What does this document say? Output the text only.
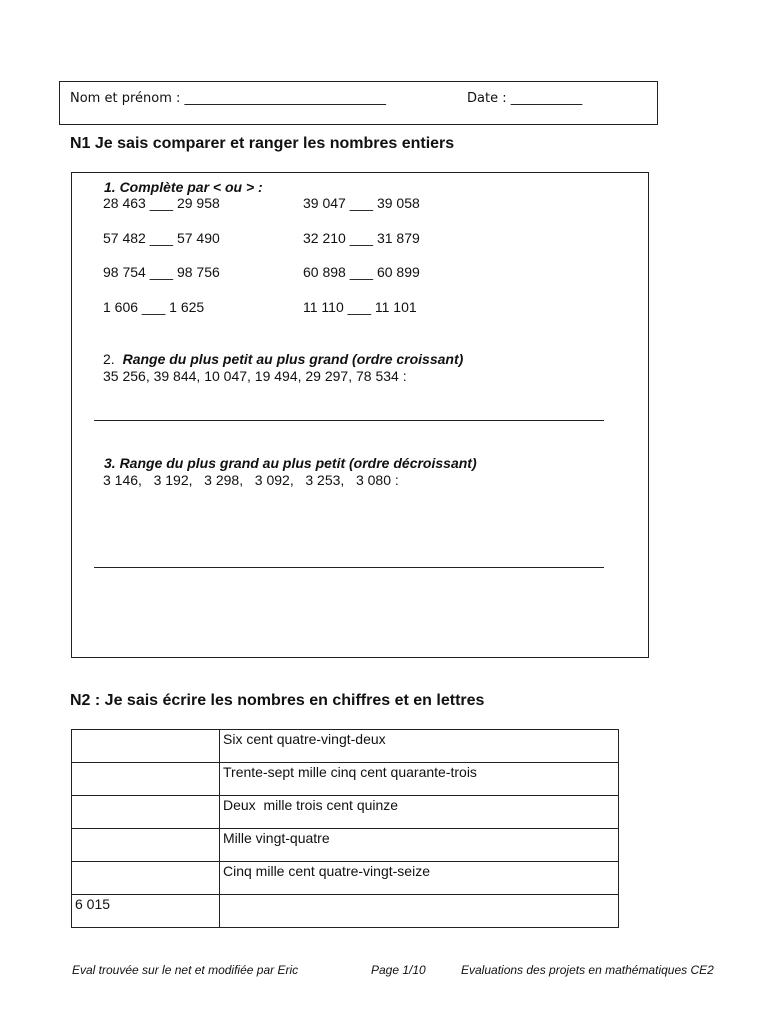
Nom et prénom : _______________________________	Date : ___________
N1 Je sais comparer et ranger les nombres entiers
1. Complète par < ou > :
28 463 ___ 29 958	39 047 ___ 39 058
57 482 ___ 57 490	32 210 ___ 31 879
98 754 ___ 98 756	60 898 ___ 60 899
1 606 ___ 1 625	11 110 ___ 11 101
2. Range du plus petit au plus grand (ordre croissant)
35 256, 39 844, 10 047, 19 494, 29 297, 78 534 :
3. Range du plus grand au plus petit (ordre décroissant)
3 146,   3 192,   3 298,   3 092,   3 253,   3 080 :
N2 : Je sais écrire les nombres en chiffres et en lettres
	Six cent quatre-vingt-deux
	Trente-sept mille cinq cent quarante-trois
	Deux  mille trois cent quinze
	Mille vingt-quatre
	Cinq mille cent quatre-vingt-seize
6 015	
Eval trouvée sur le net et modifiée par Eric	Page 1/10	Evaluations des projets en mathématiques CE2
